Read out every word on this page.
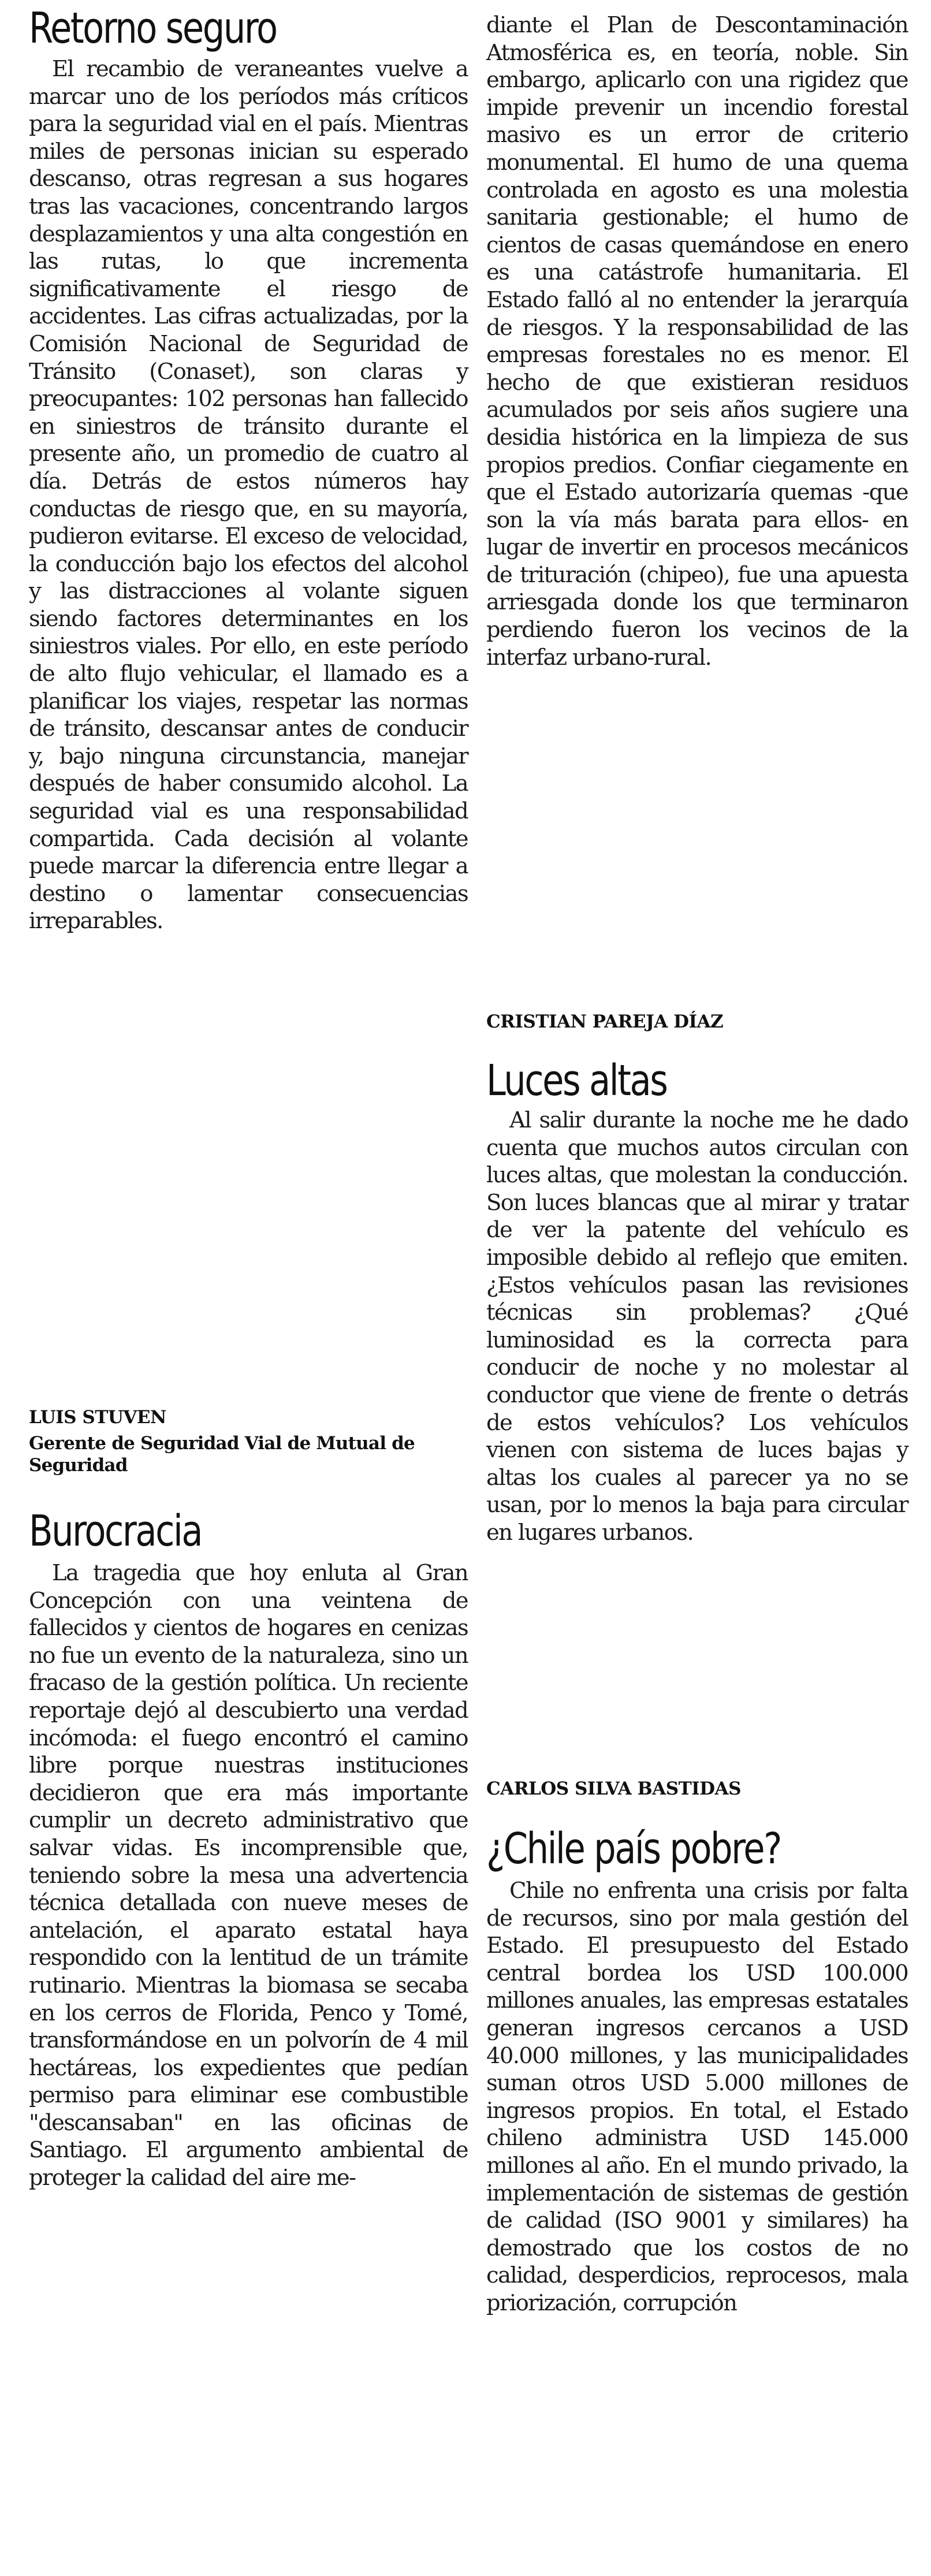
Retorno seguro

El recambio de veraneantes vuelve a marcar uno de los períodos más críticos para la seguridad vial en el país. Mientras miles de personas inician su esperado descanso, otras regresan a sus hogares tras las vacaciones, concentrando largos desplazamientos y una alta congestión en las rutas, lo que incrementa significativamente el riesgo de accidentes. Las cifras actualizadas, por la Comisión Nacional de Seguridad de Tránsito (Conaset), son claras y preocupantes: 102 personas han fallecido en siniestros de tránsito durante el presente año, un promedio de cuatro al día. Detrás de estos números hay conductas de riesgo que, en su mayoría, pudieron evitarse. El exceso de velocidad, la conducción bajo los efectos del alcohol y las distracciones al volante siguen siendo factores determinantes en los siniestros viales. Por ello, en este período de alto flujo vehicular, el llamado es a planificar los viajes, respetar las normas de tránsito, descansar antes de conducir y, bajo ninguna circunstancia, manejar después de haber consumido alcohol. La seguridad vial es una responsabilidad compartida. Cada decisión al volante puede marcar la diferencia entre llegar a destino o lamentar consecuencias irreparables.

LUIS STUVEN

Gerente de Seguridad Vial de Mutual de Seguridad

Burocracia

La tragedia que hoy enluta al Gran Concepción con una veintena de fallecidos y cientos de hogares en cenizas no fue un evento de la naturaleza, sino un fracaso de la gestión política. Un reciente reportaje dejó al descubierto una verdad incómoda: el fuego encontró el camino libre porque nuestras instituciones decidieron que era más importante cumplir un decreto administrativo que salvar vidas. Es incomprensible que, teniendo sobre la mesa una advertencia técnica detallada con nueve meses de antelación, el aparato estatal haya respondido con la lentitud de un trámite rutinario. Mientras la biomasa se secaba en los cerros de Florida, Penco y Tomé, transformándose en un polvorín de 4 mil hectáreas, los expedientes que pedían permiso para eliminar ese combustible "descansaban" en las oficinas de Santiago. El argumento ambiental de proteger la calidad del aire me-

diante el Plan de Descontaminación Atmosférica es, en teoría, noble. Sin embargo, aplicarlo con una rigidez que impide prevenir un incendio forestal masivo es un error de criterio monumental. El humo de una quema controlada en agosto es una molestia sanitaria gestionable; el humo de cientos de casas quemándose en enero es una catástrofe humanitaria. El Estado falló al no entender la jerarquía de riesgos. Y la responsabilidad de las empresas forestales no es menor. El hecho de que existieran residuos acumulados por seis años sugiere una desidia histórica en la limpieza de sus propios predios. Confiar ciegamente en que el Estado autorizaría quemas -que son la vía más barata para ellos- en lugar de invertir en procesos mecánicos de trituración (chipeo), fue una apuesta arriesgada donde los que terminaron perdiendo fueron los vecinos de la interfaz urbano-rural.

CRISTIAN PAREJA DÍAZ

Luces altas

Al salir durante la noche me he dado cuenta que muchos autos circulan con luces altas, que molestan la conducción. Son luces blancas que al mirar y tratar de ver la patente del vehículo es imposible debido al reflejo que emiten. ¿Estos vehículos pasan las revisiones técnicas sin problemas? ¿Qué luminosidad es la correcta para conducir de noche y no molestar al conductor que viene de frente o detrás de estos vehículos? Los vehículos vienen con sistema de luces bajas y altas los cuales al parecer ya no se usan, por lo menos la baja para circular en lugares urbanos.

CARLOS SILVA BASTIDAS

¿Chile país pobre?

Chile no enfrenta una crisis por falta de recursos, sino por mala gestión del Estado. El presupuesto del Estado central bordea los USD 100.000 millones anuales, las empresas estatales generan ingresos cercanos a USD 40.000 millones, y las municipalidades suman otros USD 5.000 millones de ingresos propios. En total, el Estado chileno administra USD 145.000 millones al año. En el mundo privado, la implementación de sistemas de gestión de calidad (ISO 9001 y similares) ha demostrado que los costos de no calidad, desperdicios, reprocesos, mala priorización, corrupción
